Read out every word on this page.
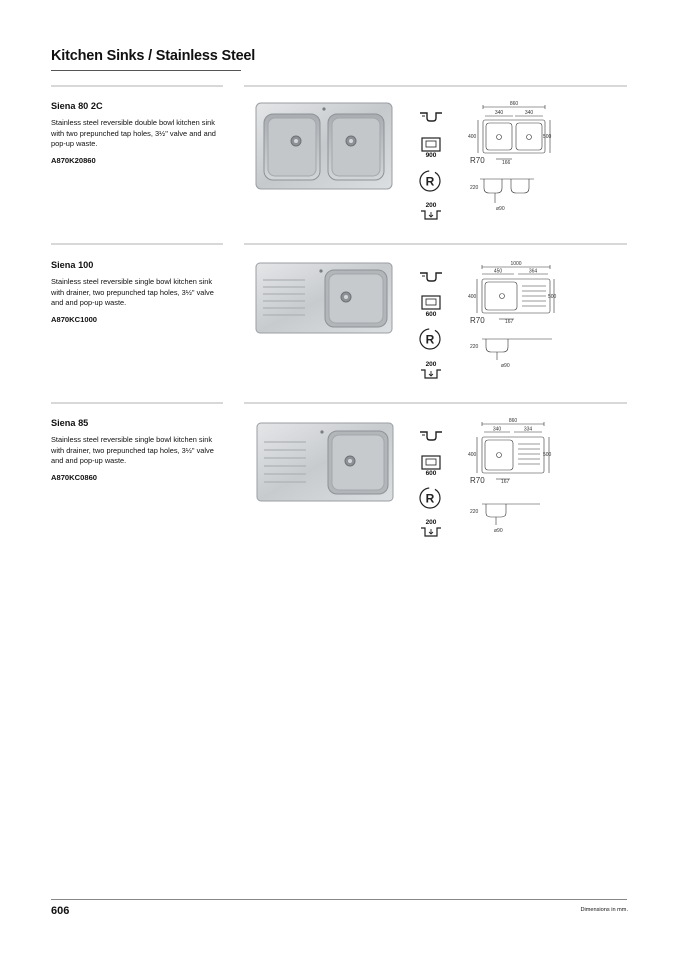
Kitchen Sinks / Stainless Steel
Siena 80 2C
Stainless steel reversible double bowl kitchen sink with two prepunched tap holes, 3½" valve and and pop-up waste.
A870K20860
900
R
200
860
340	340
400	500
R70	166
220
ø90
Siena 100
Stainless steel reversible single bowl kitchen sink with drainer, two prepunched tap holes, 3½" valve and and pop-up waste.
A870KC1000
600
R
200
1000
450	364
400	500
R70	167
220
ø90
Siena 85
Stainless steel reversible single bowl kitchen sink with drainer, two prepunched tap holes, 3½" valve and and pop-up waste.
A870KC0860	600
R
200
860
340	334
400	500
R70	167
220
ø90
606	Dimensions in mm.
